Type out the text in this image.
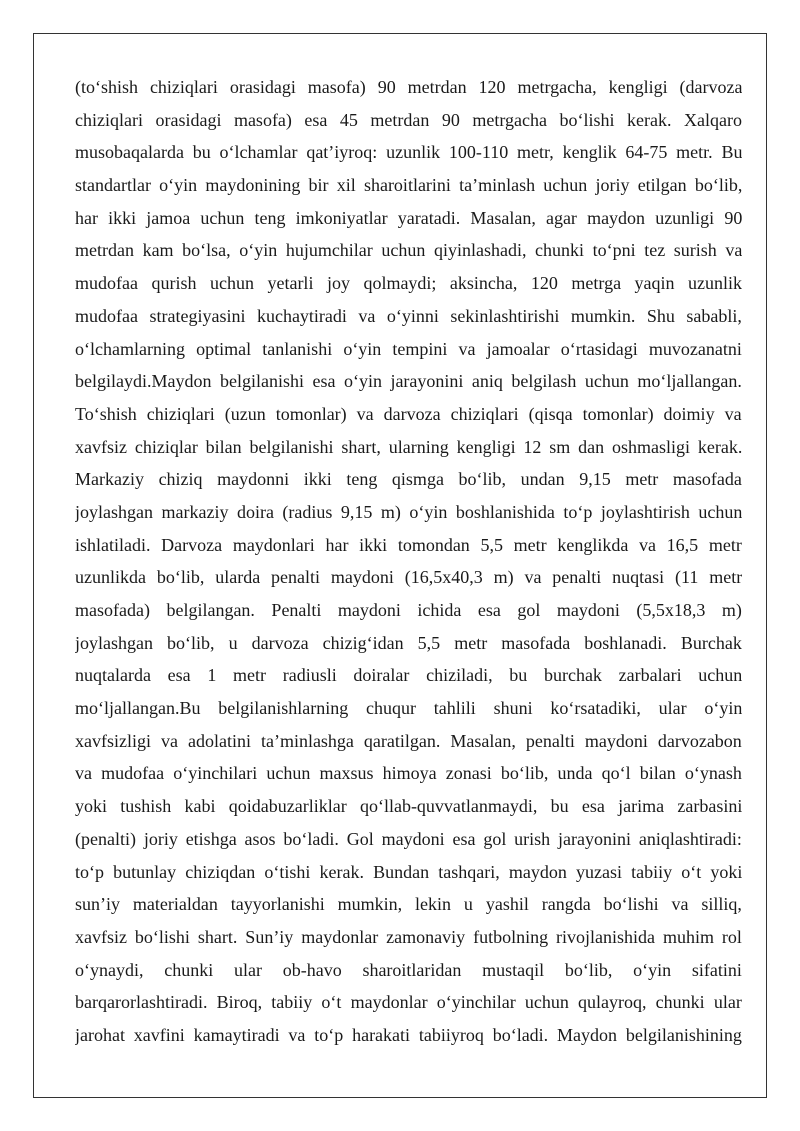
(to‘shish chiziqlari orasidagi masofa) 90 metrdan 120 metrgacha, kengligi (darvoza
chiziqlari orasidagi masofa) esa 45 metrdan 90 metrgacha bo‘lishi kerak. Xalqaro
musobaqalarda bu o‘lchamlar qat’iyroq: uzunlik 100-110 metr, kenglik 64-75 metr. Bu
standartlar o‘yin maydonining bir xil sharoitlarini ta’minlash uchun joriy etilgan bo‘lib,
har ikki jamoa uchun teng imkoniyatlar yaratadi. Masalan, agar maydon uzunligi 90
metrdan kam bo‘lsa, o‘yin hujumchilar uchun qiyinlashadi, chunki to‘pni tez surish va
mudofaa qurish uchun yetarli joy qolmaydi; aksincha, 120 metrga yaqin uzunlik
mudofaa strategiyasini kuchaytiradi va o‘yinni sekinlashtirishi mumkin. Shu sababli,
o‘lchamlarning optimal tanlanishi o‘yin tempini va jamoalar o‘rtasidagi muvozanatni
belgilaydi.Maydon belgilanishi esa o‘yin jarayonini aniq belgilash uchun mo‘ljallangan.
To‘shish chiziqlari (uzun tomonlar) va darvoza chiziqlari (qisqa tomonlar) doimiy va
xavfsiz chiziqlar bilan belgilanishi shart, ularning kengligi 12 sm dan oshmasligi kerak.
Markaziy chiziq maydonni ikki teng qismga bo‘lib, undan 9,15 metr masofada
joylashgan markaziy doira (radius 9,15 m) o‘yin boshlanishida to‘p joylashtirish uchun
ishlatiladi. Darvoza maydonlari har ikki tomondan 5,5 metr kenglikda va 16,5 metr
uzunlikda bo‘lib, ularda penalti maydoni (16,5x40,3 m) va penalti nuqtasi (11 metr
masofada) belgilangan. Penalti maydoni ichida esa gol maydoni (5,5x18,3 m)
joylashgan bo‘lib, u darvoza chizig‘idan 5,5 metr masofada boshlanadi. Burchak
nuqtalarda esa 1 metr radiusli doiralar chiziladi, bu burchak zarbalari uchun
mo‘ljallangan.Bu belgilanishlarning chuqur tahlili shuni ko‘rsatadiki, ular o‘yin
xavfsizligi va adolatini ta’minlashga qaratilgan. Masalan, penalti maydoni darvozabon
va mudofaa o‘yinchilari uchun maxsus himoya zonasi bo‘lib, unda qo‘l bilan o‘ynash
yoki tushish kabi qoidabuzarliklar qo‘llab-quvvatlanmaydi, bu esa jarima zarbasini
(penalti) joriy etishga asos bo‘ladi. Gol maydoni esa gol urish jarayonini aniqlashtiradi:
to‘p butunlay chiziqdan o‘tishi kerak. Bundan tashqari, maydon yuzasi tabiiy o‘t yoki
sun’iy materialdan tayyorlanishi mumkin, lekin u yashil rangda bo‘lishi va silliq,
xavfsiz bo‘lishi shart. Sun’iy maydonlar zamonaviy futbolning rivojlanishida muhim rol
o‘ynaydi, chunki ular ob-havo sharoitlaridan mustaqil bo‘lib, o‘yin sifatini
barqarorlashtiradi. Biroq, tabiiy o‘t maydonlar o‘yinchilar uchun qulayroq, chunki ular
jarohat xavfini kamaytiradi va to‘p harakati tabiiyroq bo‘ladi. Maydon belgilanishining
